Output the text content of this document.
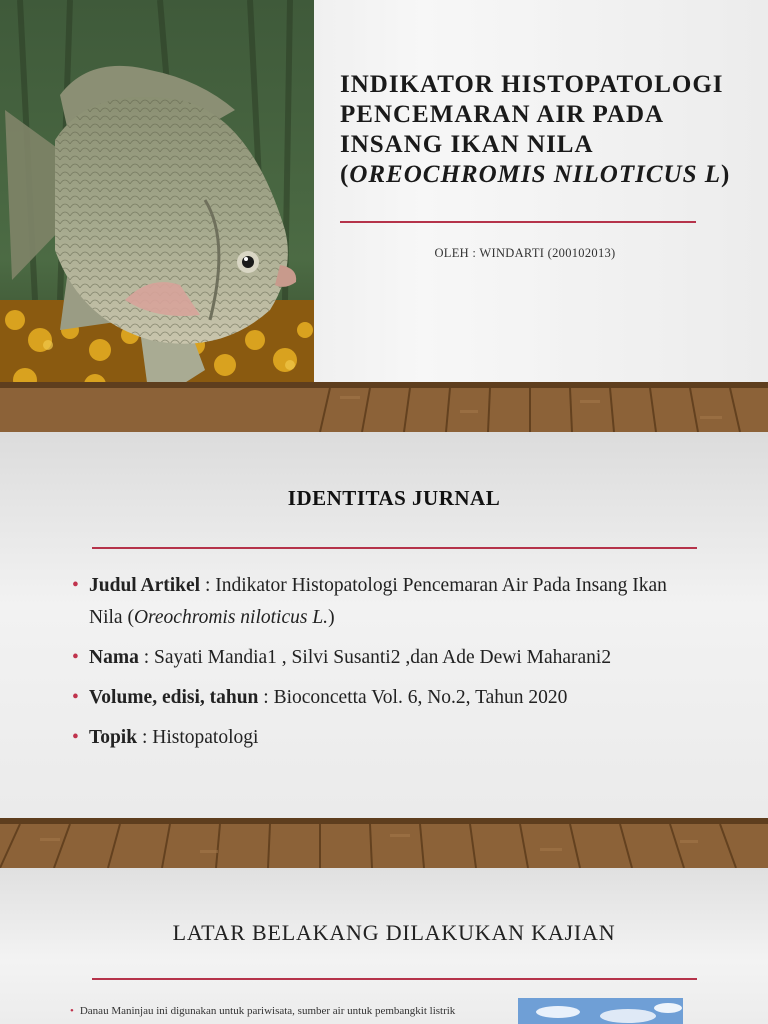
INDIKATOR HISTOPATOLOGI
PENCEMARAN AIR PADA
INSANG IKAN NILA
(OREOCHROMIS NILOTICUS L)
OLEH : WINDARTI (200102013)
IDENTITAS JURNAL
• Judul Artikel : Indikator Histopatologi Pencemaran Air Pada Insang Ikan Nila (Oreochromis niloticus L.)
• Nama : Sayati Mandia1 , Silvi Susanti2 ,dan Ade Dewi Maharani2
• Volume, edisi, tahun : Bioconcetta Vol. 6, No.2, Tahun 2020
• Topik : Histopatologi
LATAR BELAKANG DILAKUKAN KAJIAN
• Danau Maninjau ini digunakan untuk pariwisata, sumber air untuk pembangkit listrik
